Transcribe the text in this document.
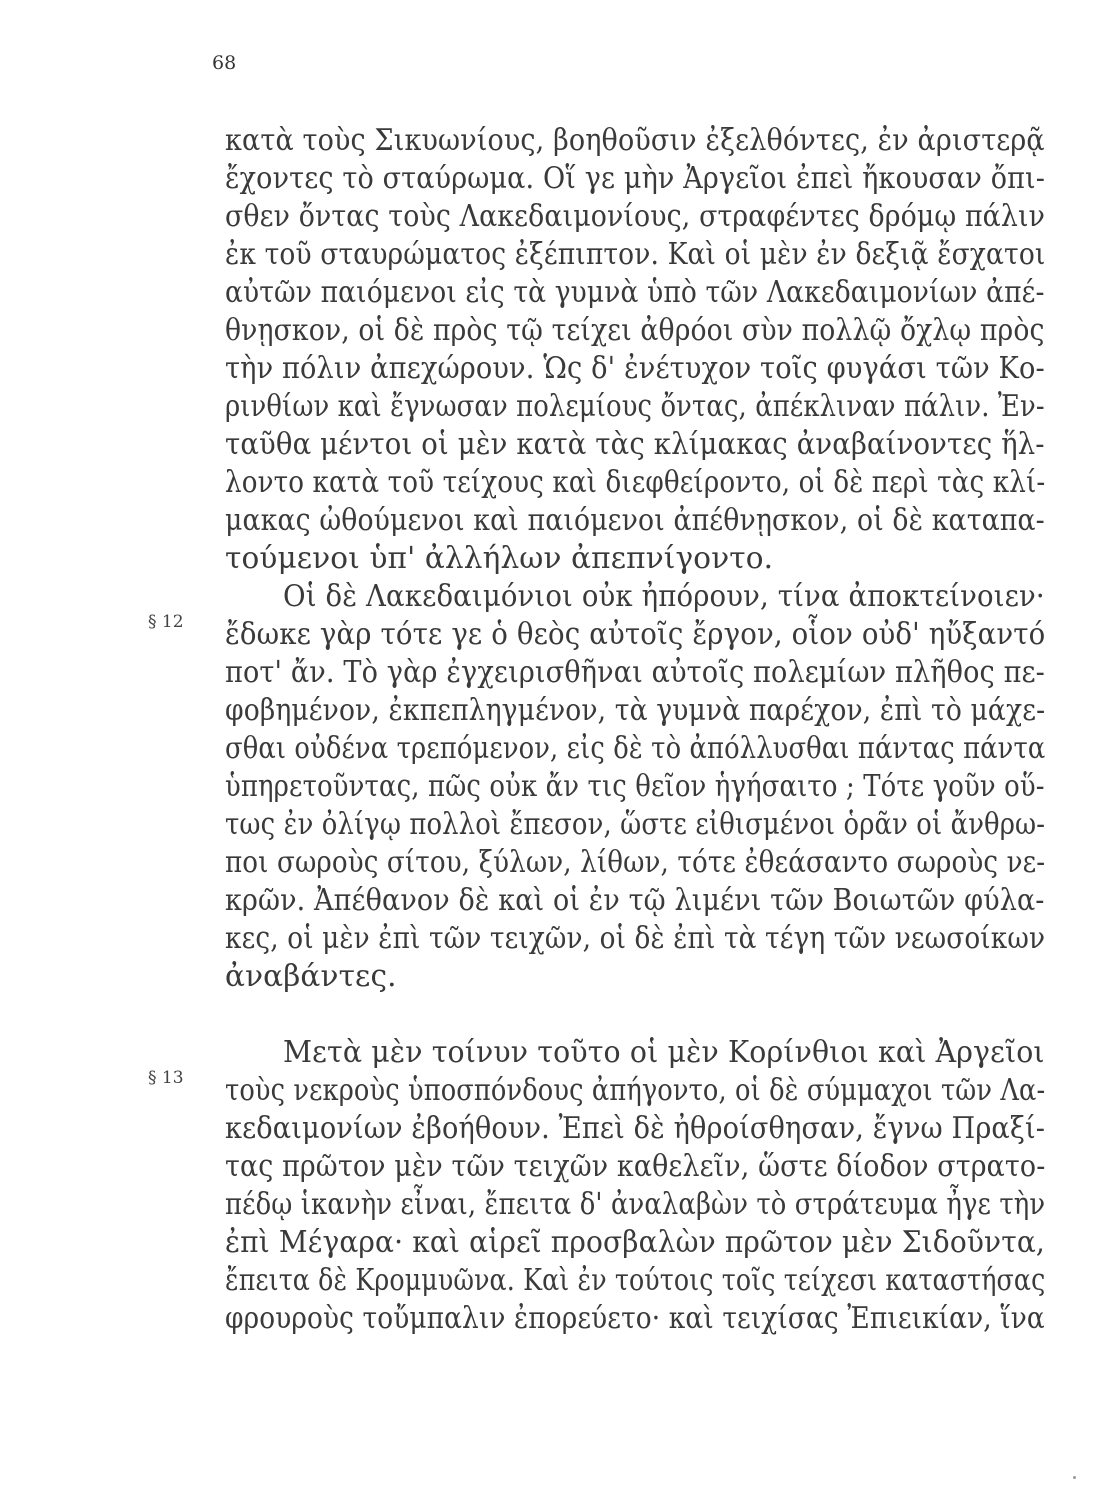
68
§ 12
§ 13
κατὰ τοὺς Σικυωνίους, βοηθοῦσιν ἐξελθόντες, ἐν ἀριστερᾷ
ἔχοντες τὸ σταύρωμα. Οἵ γε μὴν Ἀργεῖοι ἐπεὶ ἤκουσαν ὄπι-
σθεν ὄντας τοὺς Λακεδαιμονίους, στραφέντες δρόμῳ πάλιν
ἐκ τοῦ σταυρώματος ἐξέπιπτον. Καὶ οἱ μὲν ἐν δεξιᾷ ἔσχατοι
αὐτῶν παιόμενοι εἰς τὰ γυμνὰ ὑπὸ τῶν Λακεδαιμονίων ἀπέ-
θνῃσκον, οἱ δὲ πρὸς τῷ τείχει ἀθρόοι σὺν πολλῷ ὄχλῳ πρὸς
τὴν πόλιν ἀπεχώρουν. Ὡς δ' ἐνέτυχον τοῖς φυγάσι τῶν Κο-
ρινθίων καὶ ἔγνωσαν πολεμίους ὄντας, ἀπέκλιναν πάλιν. Ἐν-
ταῦθα μέντοι οἱ μὲν κατὰ τὰς κλίμακας ἀναβαίνοντες ἥλ-
λοντο κατὰ τοῦ τείχους καὶ διεφθείροντο, οἱ δὲ περὶ τὰς κλί-
μακας ὠθούμενοι καὶ παιόμενοι ἀπέθνῃσκον, οἱ δὲ καταπα-
τούμενοι ὑπ' ἀλλήλων ἀπεπνίγοντο.
Οἱ δὲ Λακεδαιμόνιοι οὐκ ἠπόρουν, τίνα ἀποκτείνοιεν·
ἔδωκε γὰρ τότε γε ὁ θεὸς αὐτοῖς ἔργον, οἷον οὐδ' ηὔξαντό
ποτ' ἄν. Τὸ γὰρ ἐγχειρισθῆναι αὐτοῖς πολεμίων πλῆθος πε-
φοβημένον, ἐκπεπληγμένον, τὰ γυμνὰ παρέχον, ἐπὶ τὸ μάχε-
σθαι οὐδένα τρεπόμενον, εἰς δὲ τὸ ἀπόλλυσθαι πάντας πάντα
ὑπηρετοῦντας, πῶς οὐκ ἄν τις θεῖον ἡγήσαιτο ; Τότε γοῦν οὕ-
τως ἐν ὀλίγῳ πολλοὶ ἔπεσον, ὥστε εἰθισμένοι ὁρᾶν οἱ ἄνθρω-
ποι σωροὺς σίτου, ξύλων, λίθων, τότε ἐθεάσαντο σωροὺς νε-
κρῶν. Ἀπέθανον δὲ καὶ οἱ ἐν τῷ λιμένι τῶν Βοιωτῶν φύλα-
κες, οἱ μὲν ἐπὶ τῶν τειχῶν, οἱ δὲ ἐπὶ τὰ τέγη τῶν νεωσοίκων
ἀναβάντες.
Μετὰ μὲν τοίνυν τοῦτο οἱ μὲν Κορίνθιοι καὶ Ἀργεῖοι
τοὺς νεκροὺς ὑποσπόνδους ἀπήγοντο, οἱ δὲ σύμμαχοι τῶν Λα-
κεδαιμονίων ἐβοήθουν. Ἐπεὶ δὲ ἠθροίσθησαν, ἔγνω Πραξί-
τας πρῶτον μὲν τῶν τειχῶν καθελεῖν, ὥστε δίοδον στρατο-
πέδῳ ἱκανὴν εἶναι, ἔπειτα δ' ἀναλαβὼν τὸ στράτευμα ἦγε τὴν
ἐπὶ Μέγαρα· καὶ αἱρεῖ προσβαλὼν πρῶτον μὲν Σιδοῦντα,
ἔπειτα δὲ Κρομμυῶνα. Καὶ ἐν τούτοις τοῖς τείχεσι καταστήσας
φρουροὺς τοὔμπαλιν ἐπορεύετο· καὶ τειχίσας Ἐπιεικίαν, ἵνα
